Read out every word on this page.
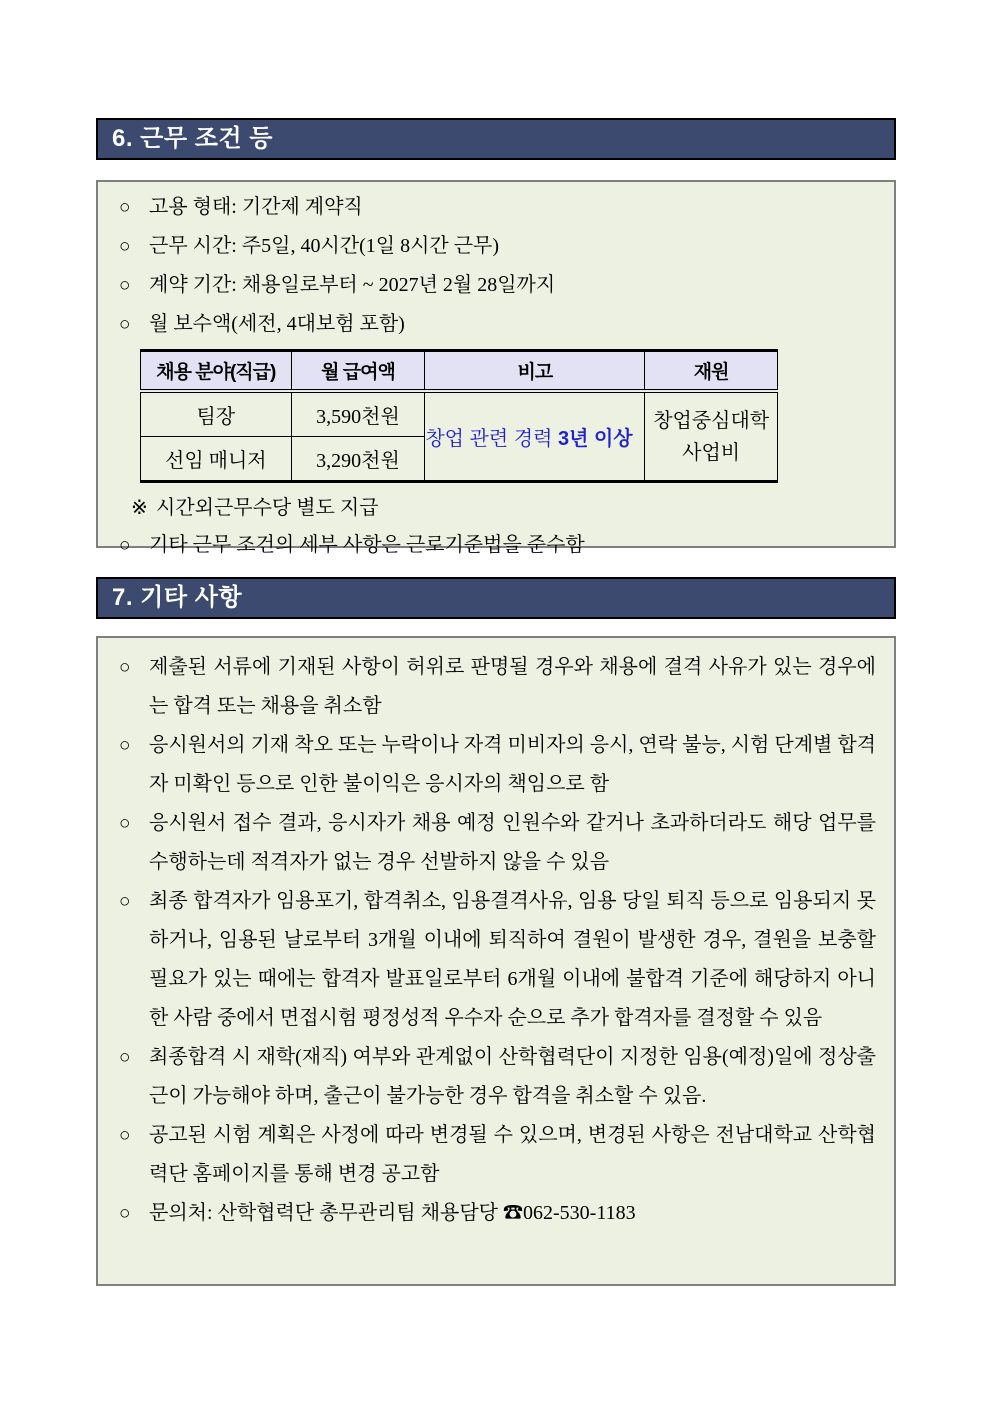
6. 근무 조건 등
○ 고용 형태: 기간제 계약직
○ 근무 시간: 주5일, 40시간(1일 8시간 근무)
○ 계약 기간: 채용일로부터 ~ 2027년 2월 28일까지
○ 월 보수액(세전, 4대보험 포함)
채용 분야(직급)	월 급여액	비고	재원
팀장	3,590천원	창업 관련 경력 3년 이상	창업중심대학 사업비
선임 매니저	3,290천원		
※ 시간외근무수당 별도 지급
○ 기타 근무 조건의 세부 사항은 근로기준법을 준수함
7. 기타 사항
○ 제출된 서류에 기재된 사항이 허위로 판명될 경우와 채용에 결격 사유가 있는 경우에는 합격 또는 채용을 취소함
○ 응시원서의 기재 착오 또는 누락이나 자격 미비자의 응시, 연락 불능, 시험 단계별 합격자 미확인 등으로 인한 불이익은 응시자의 책임으로 함
○ 응시원서 접수 결과, 응시자가 채용 예정 인원수와 같거나 초과하더라도 해당 업무를 수행하는데 적격자가 없는 경우 선발하지 않을 수 있음
○ 최종 합격자가 임용포기, 합격취소, 임용결격사유, 임용 당일 퇴직 등으로 임용되지 못하거나, 임용된 날로부터 3개월 이내에 퇴직하여 결원이 발생한 경우, 결원을 보충할 필요가 있는 때에는 합격자 발표일로부터 6개월 이내에 불합격 기준에 해당하지 아니한 사람 중에서 면접시험 평정성적 우수자 순으로 추가 합격자를 결정할 수 있음
○ 최종합격 시 재학(재직) 여부와 관계없이 산학협력단이 지정한 임용(예정)일에 정상출근이 가능해야 하며, 출근이 불가능한 경우 합격을 취소할 수 있음.
○ 공고된 시험 계획은 사정에 따라 변경될 수 있으며, 변경된 사항은 전남대학교 산학협력단 홈페이지를 통해 변경 공고함
○ 문의처: 산학협력단 총무관리팀 채용담당 ☎062-530-1183
